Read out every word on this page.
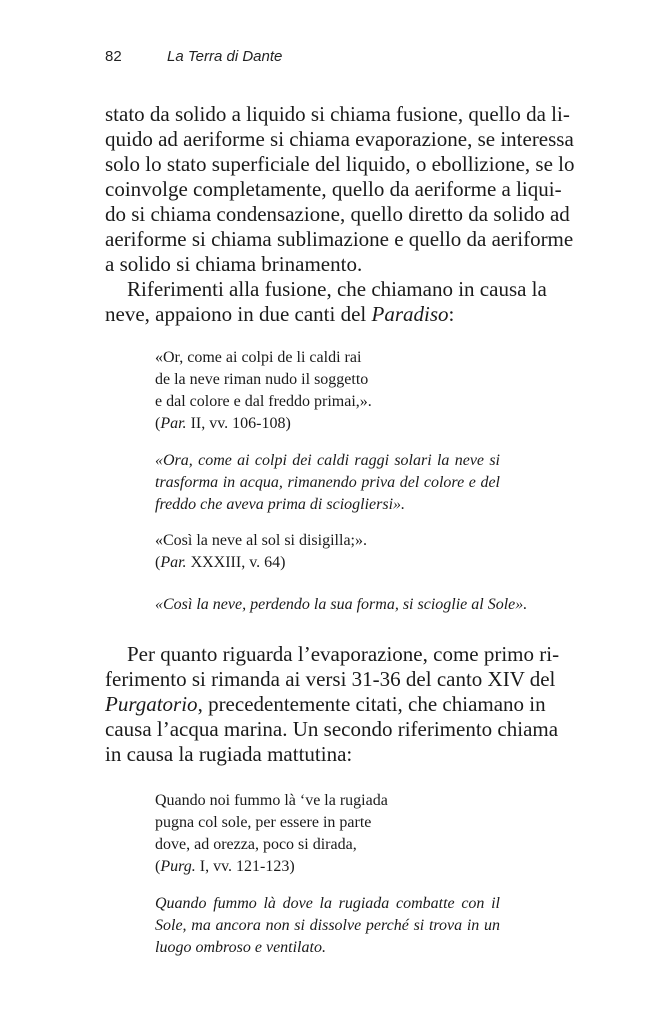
82	La Terra di Dante
stato da solido a liquido si chiama fusione, quello da li-
quido ad aeriforme si chiama evaporazione, se interessa
solo lo stato superficiale del liquido, o ebollizione, se lo
coinvolge completamente, quello da aeriforme a liqui-
do si chiama condensazione, quello diretto da solido ad
aeriforme si chiama sublimazione e quello da aeriforme
a solido si chiama brinamento.
Riferimenti alla fusione, che chiamano in causa la
neve, appaiono in due canti del Paradiso:
«Or, come ai colpi de li caldi rai
de la neve riman nudo il soggetto
e dal colore e dal freddo primai,».
(Par. II, vv. 106-108)
«Ora, come ai colpi dei caldi raggi solari la neve si
trasforma in acqua, rimanendo priva del colore e del
freddo che aveva prima di sciogliersi».
«Così la neve al sol si disigilla;».
(Par. XXXIII, v. 64)
«Così la neve, perdendo la sua forma, si scioglie al Sole».
Per quanto riguarda l’evaporazione, come primo ri-
ferimento si rimanda ai versi 31-36 del canto XIV del
Purgatorio, precedentemente citati, che chiamano in
causa l’acqua marina. Un secondo riferimento chiama
in causa la rugiada mattutina:
Quando noi fummo là ‘ve la rugiada
pugna col sole, per essere in parte
dove, ad orezza, poco si dirada,
(Purg. I, vv. 121-123)
Quando fummo là dove la rugiada combatte con il
Sole, ma ancora non si dissolve perché si trova in un
luogo ombroso e ventilato.
